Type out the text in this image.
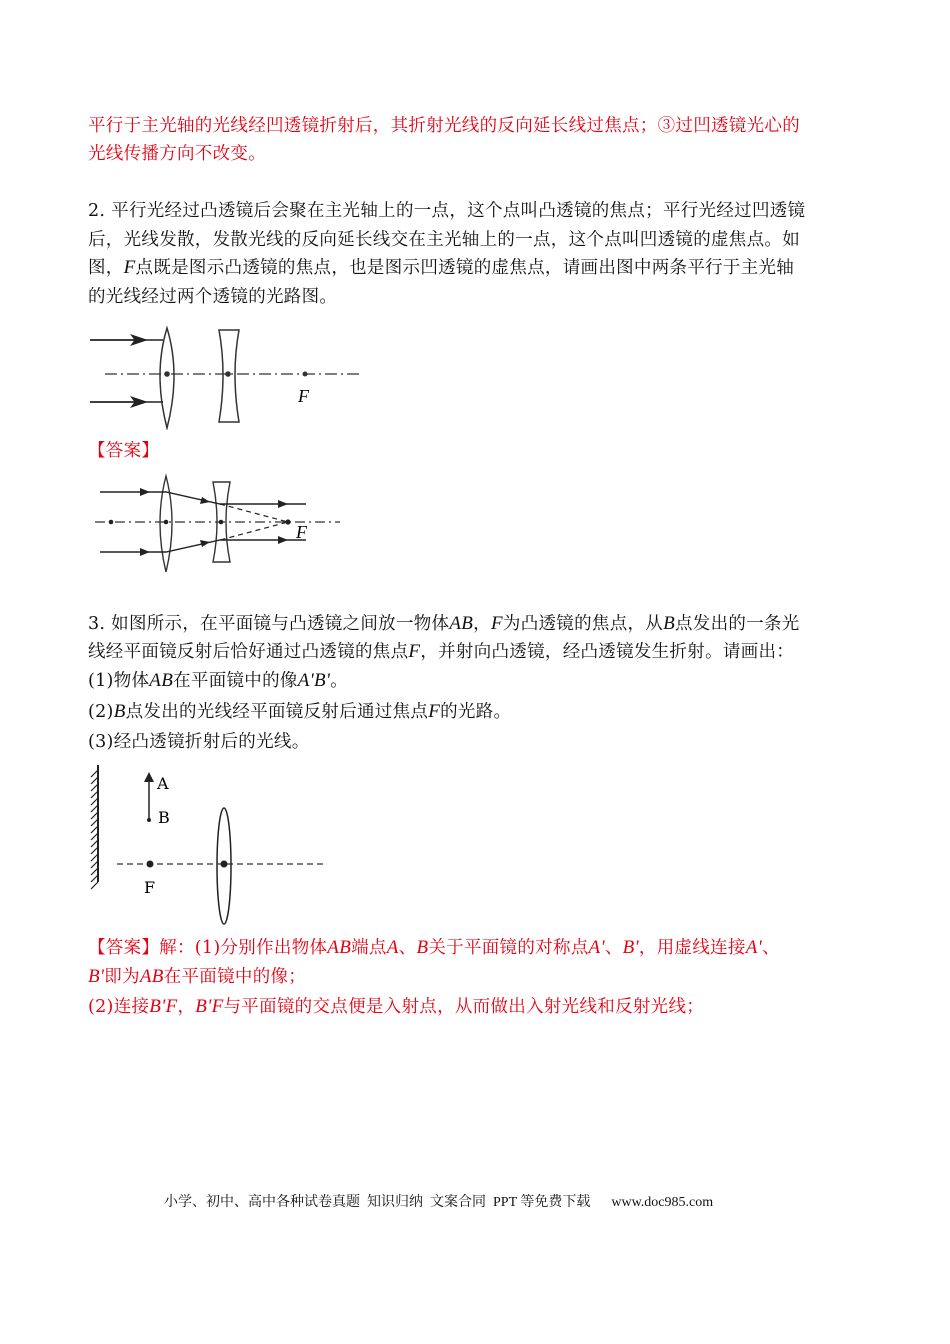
平行于主光轴的光线经凹透镜折射后，其折射光线的反向延长线过焦点；③过凹透镜光心的
光线传播方向不改变。
2. 平行光经过凸透镜后会聚在主光轴上的一点，这个点叫凸透镜的焦点；平行光经过凹透镜
后，光线发散，发散光线的反向延长线交在主光轴上的一点，这个点叫凹透镜的虚焦点。如
图，F点既是图示凸透镜的焦点，也是图示凹透镜的虚焦点，请画出图中两条平行于主光轴
的光线经过两个透镜的光路图。
【答案】
3. 如图所示，在平面镜与凸透镜之间放一物体AB，F为凸透镜的焦点，从B点发出的一条光
线经平面镜反射后恰好通过凸透镜的焦点F，并射向凸透镜，经凸透镜发生折射。请画出：
(1)物体AB在平面镜中的像A'B'。
(2)B点发出的光线经平面镜反射后通过焦点F的光路。
(3)经凸透镜折射后的光线。
【答案】解：(1)分别作出物体AB端点A、B关于平面镜的对称点A'、B'，用虚线连接A'、
B'即为AB在平面镜中的像；
(2)连接B'F，B'F与平面镜的交点便是入射点，从而做出入射光线和反射光线；
F
F
A
B
F
小学、初中、高中各种试卷真题  知识归纳  文案合同  PPT 等免费下载      www.doc985.com
